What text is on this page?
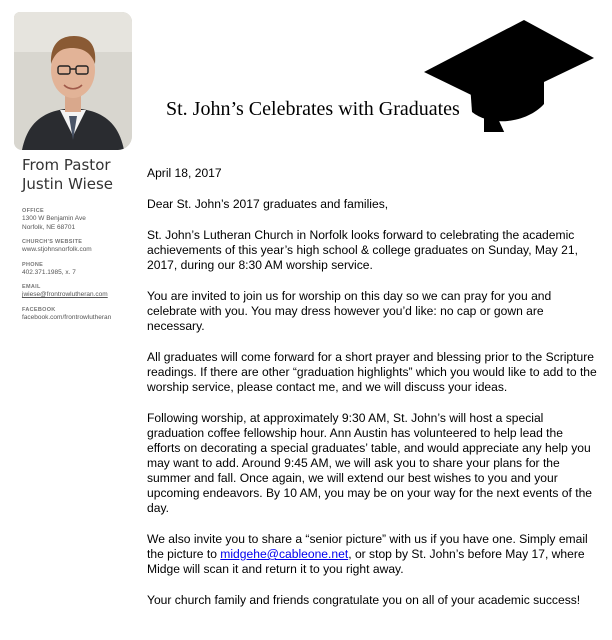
From Pastor
Justin Wiese

OFFICE

1300 W Benjamin Ave
Norfolk, NE 68701

CHURCH'S WEBSITE

www.stjohnsnorfolk.com

PHONE

402.371.1985, x. 7

EMAIL

jwiese@frontrowlutheran.com

FACEBOOK

facebook.com/frontrowlutheran

St. John’s Celebrates with Graduates

April 18, 2017

Dear St. John’s 2017 graduates and families,

St. John’s Lutheran Church in Norfolk looks forward to celebrating the academic achievements of this year’s high school & college graduates on Sunday, May 21, 2017, during our 8:30 AM worship service.

You are invited to join us for worship on this day so we can pray for you and celebrate with you. You may dress however you’d like: no cap or gown are necessary.

All graduates will come forward for a short prayer and blessing prior to the Scripture readings. If there are other “graduation highlights” which you would like to add to the worship service, please contact me, and we will discuss your ideas.

Following worship, at approximately 9:30 AM, St. John’s will host a special graduation coffee fellowship hour. Ann Austin has volunteered to help lead the efforts on decorating a special graduates’ table, and would appreciate any help you may want to add. Around 9:45 AM, we will ask you to share your plans for the summer and fall. Once again, we will extend our best wishes to you and your upcoming endeavors. By 10 AM, you may be on your way for the next events of the day.

We also invite you to share a “senior picture” with us if you have one. Simply email the picture to midgehe@cableone.net, or stop by St. John’s before May 17, where Midge will scan it and return it to you right away.

Your church family and friends congratulate you on all of your academic success!
